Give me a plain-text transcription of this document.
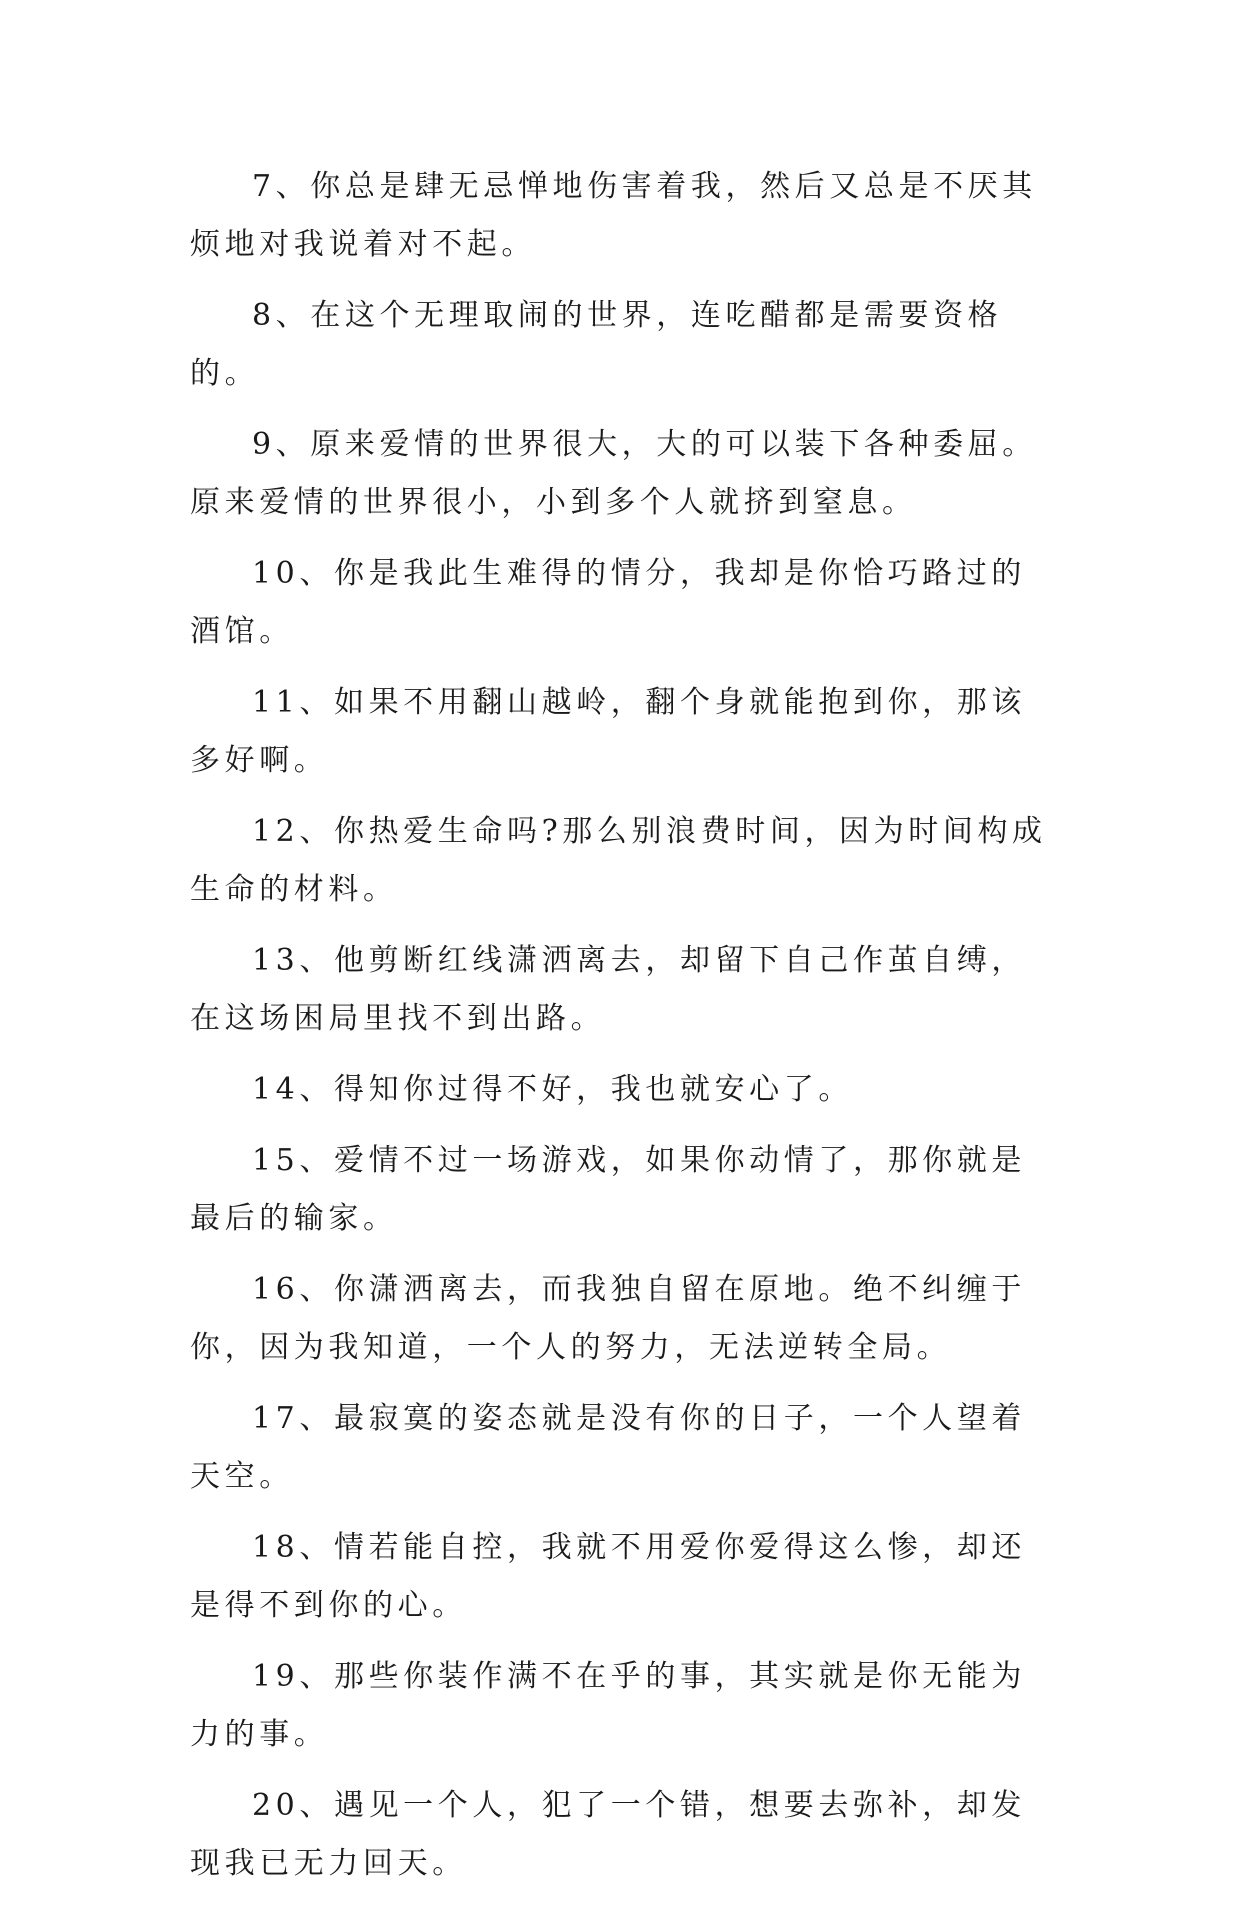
7、你总是肆无忌惮地伤害着我，然后又总是不厌其烦地对我说着对不起。

8、在这个无理取闹的世界，连吃醋都是需要资格的。

9、原来爱情的世界很大，大的可以装下各种委屈。原来爱情的世界很小，小到多个人就挤到窒息。

10、你是我此生难得的情分，我却是你恰巧路过的酒馆。

11、如果不用翻山越岭，翻个身就能抱到你，那该多好啊。

12、你热爱生命吗?那么别浪费时间，因为时间构成生命的材料。

13、他剪断红线潇洒离去，却留下自己作茧自缚，在这场困局里找不到出路。

14、得知你过得不好，我也就安心了。

15、爱情不过一场游戏，如果你动情了，那你就是最后的输家。

16、你潇洒离去，而我独自留在原地。绝不纠缠于你，因为我知道，一个人的努力，无法逆转全局。

17、最寂寞的姿态就是没有你的日子，一个人望着天空。

18、情若能自控，我就不用爱你爱得这么惨，却还是得不到你的心。

19、那些你装作满不在乎的事，其实就是你无能为力的事。

20、遇见一个人，犯了一个错，想要去弥补，却发现我已无力回天。
